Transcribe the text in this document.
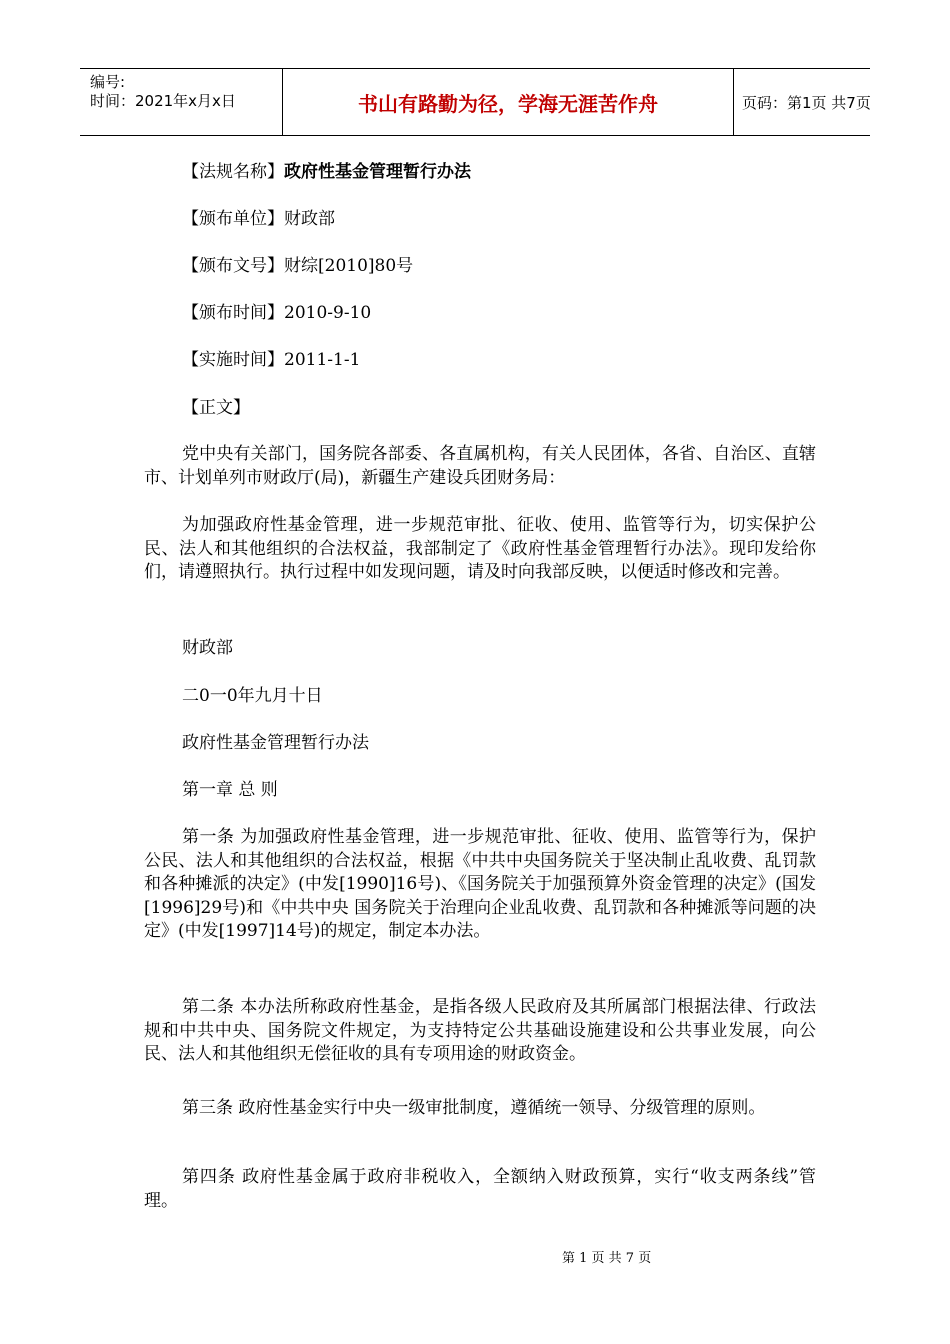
编号:
时间：2021年x月x日	书山有路勤为径，学海无涯苦作舟	页码：第1页 共7页
【法规名称】政府性基金管理暂行办法
【颁布单位】财政部
【颁布文号】财综[2010]80号
【颁布时间】2010-9-10
【实施时间】2011-1-1
【正文】
党中央有关部门，国务院各部委、各直属机构，有关人民团体，各省、自治区、直辖市、计划单列市财政厅(局)，新疆生产建设兵团财务局：
为加强政府性基金管理，进一步规范审批、征收、使用、监管等行为，切实保护公民、法人和其他组织的合法权益，我部制定了《政府性基金管理暂行办法》。现印发给你们，请遵照执行。执行过程中如发现问题，请及时向我部反映，以便适时修改和完善。
财政部
二0一0年九月十日
政府性基金管理暂行办法
第一章 总 则
第一条 为加强政府性基金管理，进一步规范审批、征收、使用、监管等行为，保护公民、法人和其他组织的合法权益，根据《中共中央国务院关于坚决制止乱收费、乱罚款和各种摊派的决定》(中发[1990]16号)、《国务院关于加强预算外资金管理的决定》(国发[1996]29号)和《中共中央 国务院关于治理向企业乱收费、乱罚款和各种摊派等问题的决定》(中发[1997]14号)的规定，制定本办法。
第二条 本办法所称政府性基金，是指各级人民政府及其所属部门根据法律、行政法规和中共中央、国务院文件规定，为支持特定公共基础设施建设和公共事业发展，向公民、法人和其他组织无偿征收的具有专项用途的财政资金。
第三条 政府性基金实行中央一级审批制度，遵循统一领导、分级管理的原则。
第四条 政府性基金属于政府非税收入，全额纳入财政预算，实行“收支两条线”管理。
第 1 页 共 7 页
